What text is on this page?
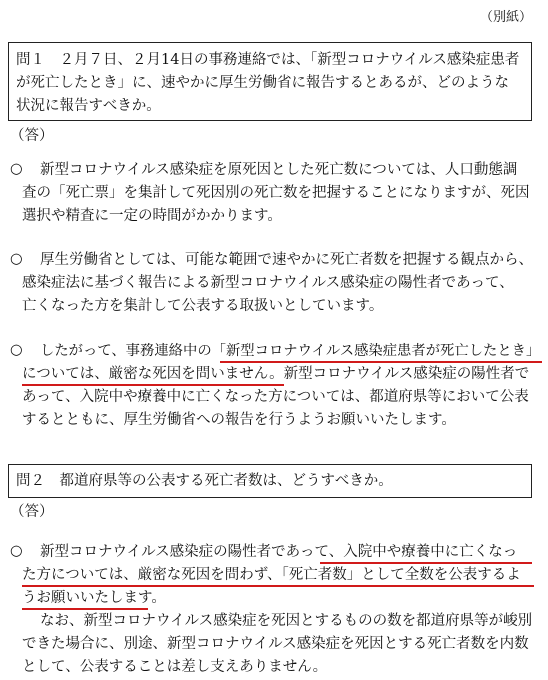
（別紙）
問１　２月７日、２月14日の事務連絡では、「新型コロナウイルス感染症患者
が死亡したとき」に、速やかに厚生労働省に報告するとあるが、どのような
状況に報告すべきか。
（答）
○ 新型コロナウイルス感染症を原死因とした死亡数については、人口動態調
査の「死亡票」を集計して死因別の死亡数を把握することになりますが、死因
選択や精査に一定の時間がかかります。
○ 厚生労働省としては、可能な範囲で速やかに死亡者数を把握する観点から、
感染症法に基づく報告による新型コロナウイルス感染症の陽性者であって、
亡くなった方を集計して公表する取扱いとしています。
○ したがって、事務連絡中の「新型コロナウイルス感染症患者が死亡したとき」
については、厳密な死因を問いません。新型コロナウイルス感染症の陽性者で
あって、入院中や療養中に亡くなった方については、都道府県等において公表
するとともに、厚生労働省への報告を行うようお願いいたします。
問２　都道府県等の公表する死亡者数は、どうすべきか。
（答）
○ 新型コロナウイルス感染症の陽性者であって、入院中や療養中に亡くなっ
た方については、厳密な死因を問わず、「死亡者数」として全数を公表するよ
うお願いいたします。
なお、新型コロナウイルス感染症を死因とするものの数を都道府県等が峻別
できた場合に、別途、新型コロナウイルス感染症を死因とする死亡者数を内数
として、公表することは差し支えありません。
